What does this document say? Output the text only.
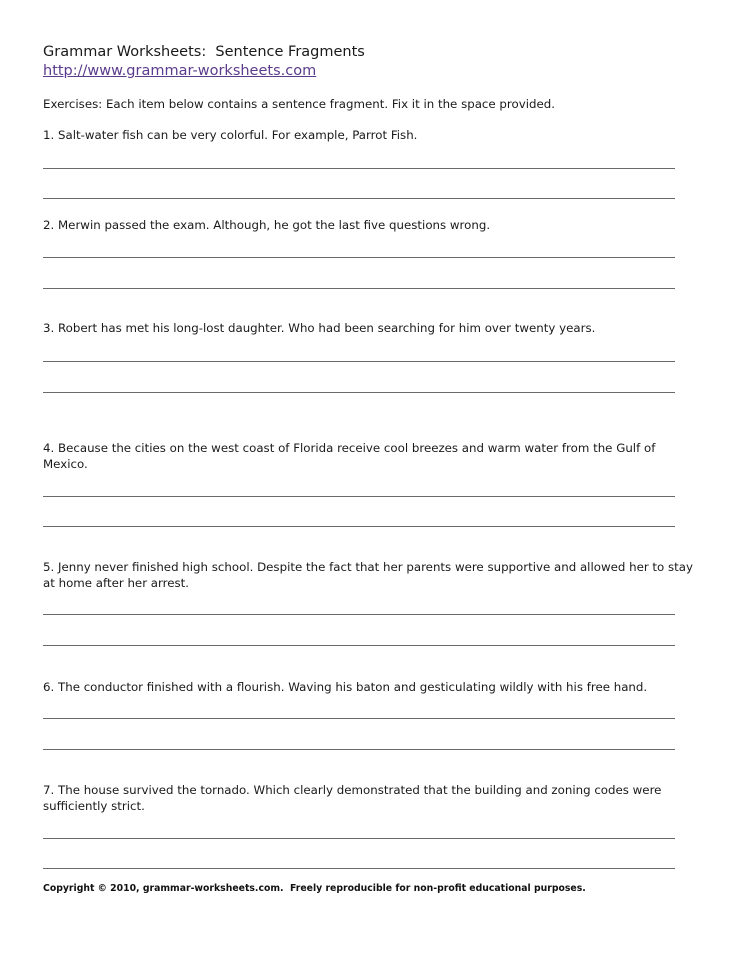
Grammar Worksheets:  Sentence Fragments
http://www.grammar-worksheets.com
Exercises: Each item below contains a sentence fragment. Fix it in the space provided.
1. Salt-water fish can be very colorful. For example, Parrot Fish.
2. Merwin passed the exam. Although, he got the last five questions wrong.
3. Robert has met his long-lost daughter. Who had been searching for him over twenty years.
4. Because the cities on the west coast of Florida receive cool breezes and warm water from the Gulf of Mexico.
5. Jenny never finished high school. Despite the fact that her parents were supportive and allowed her to stay at home after her arrest.
6. The conductor finished with a flourish. Waving his baton and gesticulating wildly with his free hand.
7. The house survived the tornado. Which clearly demonstrated that the building and zoning codes were sufficiently strict.
Copyright © 2010, grammar-worksheets.com.  Freely reproducible for non-profit educational purposes.
